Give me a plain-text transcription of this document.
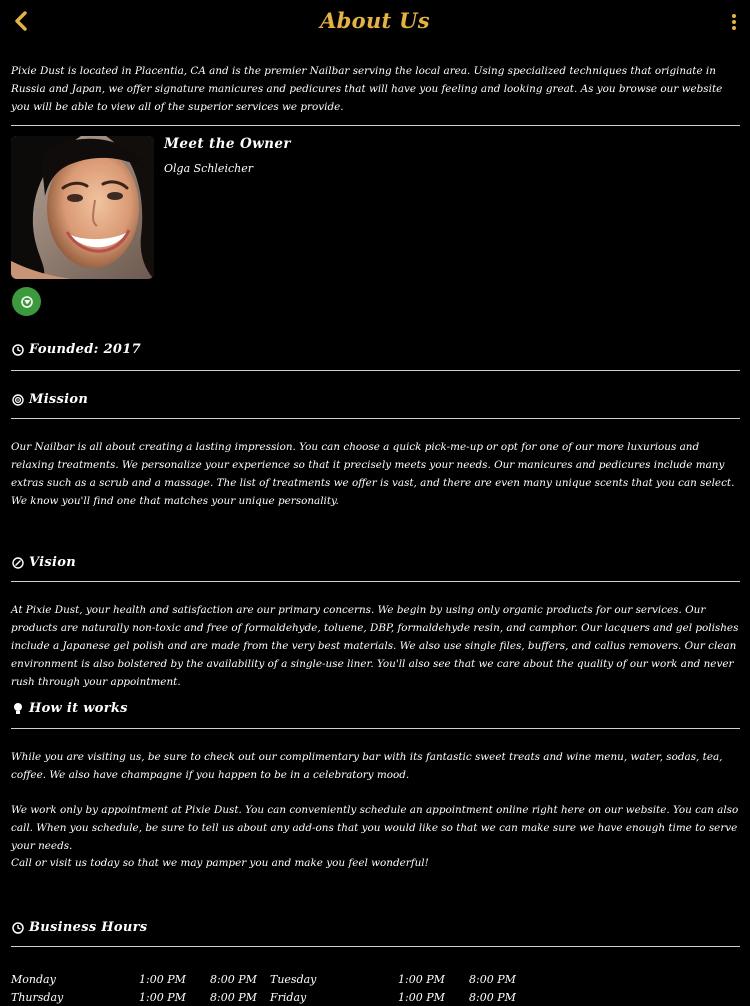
About Us

Pixie Dust is located in Placentia, CA and is the premier Nailbar serving the local area. Using specialized techniques that originate in Russia and Japan, we offer signature manicures and pedicures that will have you feeling and looking great. As you browse our website you will be able to view all of the superior services we provide.

Meet the Owner
Olga Schleicher
Founded: 2017
Mission

Our Nailbar is all about creating a lasting impression. You can choose a quick pick-me-up or opt for one of our more luxurious and relaxing treatments. We personalize your experience so that it precisely meets your needs. Our manicures and pedicures include many extras such as a scrub and a massage. The list of treatments we offer is vast, and there are even many unique scents that you can select. We know you'll find one that matches your unique personality.

Vision

At Pixie Dust, your health and satisfaction are our primary concerns. We begin by using only organic products for our services. Our products are naturally non-toxic and free of formaldehyde, toluene, DBP, formaldehyde resin, and camphor. Our lacquers and gel polishes include a Japanese gel polish and are made from the very best materials. We also use single files, buffers, and callus removers. Our clean environment is also bolstered by the availability of a single-use liner. You'll also see that we care about the quality of our work and never rush through your appointment.

How it works

While you are visiting us, be sure to check out our complimentary bar with its fantastic sweet treats and wine menu, water, sodas, tea, coffee. We also have champagne if you happen to be in a celebratory mood.

We work only by appointment at Pixie Dust. You can conveniently schedule an appointment online right here on our website. You can also call. When you schedule, be sure to tell us about any add-ons that you would like so that we can make sure we have enough time to serve your needs.

Call or visit us today so that we may pamper you and make you feel wonderful!

Business Hours
Monday	1:00 PM 8:00 PM Tuesday	1:00 PM 8:00 PM
Thursday	1:00 PM 8:00 PM Friday	1:00 PM 8:00 PM
